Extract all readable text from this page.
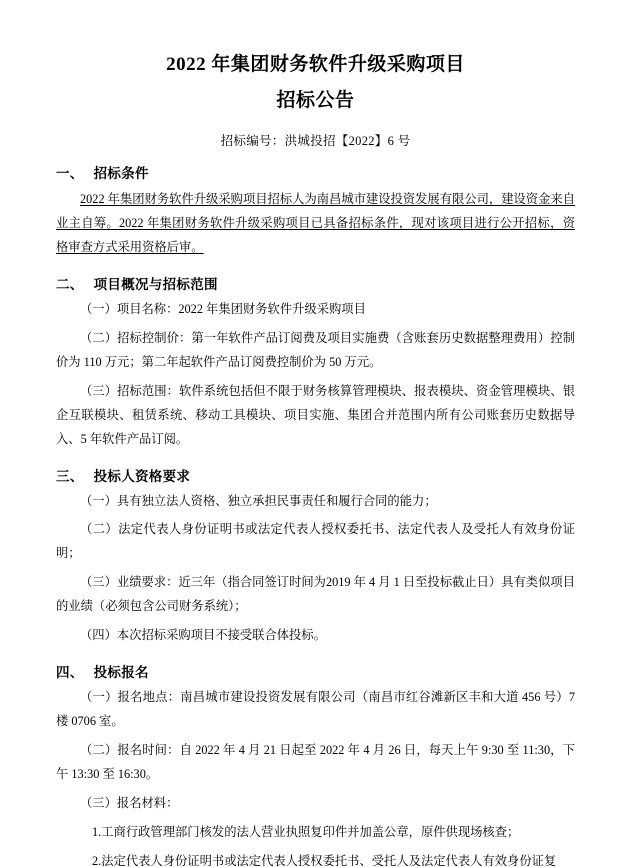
2022 年集团财务软件升级采购项目
招标公告
招标编号：洪城投招【2022】6 号
一、 招标条件
2022 年集团财务软件升级采购项目招标人为南昌城市建设投资发展有限公司，建设资金来自业主自筹。2022 年集团财务软件升级采购项目已具备招标条件，现对该项目进行公开招标，资格审查方式采用资格后审。
二、 项目概况与招标范围
（一）项目名称：2022 年集团财务软件升级采购项目
（二）招标控制价：第一年软件产品订阅费及项目实施费（含账套历史数据整理费用）控制价为 110 万元；第二年起软件产品订阅费控制价为 50 万元。
（三）招标范围：软件系统包括但不限于财务核算管理模块、报表模块、资金管理模块、银企互联模块、租赁系统、移动工具模块、项目实施、集团合并范围内所有公司账套历史数据导入、5 年软件产品订阅。
三、 投标人资格要求
（一）具有独立法人资格、独立承担民事责任和履行合同的能力；
（二）法定代表人身份证明书或法定代表人授权委托书、法定代表人及受托人有效身份证明；
（三）业绩要求：近三年（指合同签订时间为2019 年 4 月 1 日至投标截止日）具有类似项目的业绩（必须包含公司财务系统）；
（四）本次招标采购项目不接受联合体投标。
四、 投标报名
（一）报名地点：南昌城市建设投资发展有限公司（南昌市红谷滩新区丰和大道 456 号）7 楼 0706 室。
（二）报名时间：自 2022 年 4 月 21 日起至 2022 年 4 月 26 日，每天上午 9:30 至 11:30，下午 13:30 至 16:30。
（三）报名材料：
1.工商行政管理部门核发的法人营业执照复印件并加盖公章，原件供现场核查；
2.法定代表人身份证明书或法定代表人授权委托书、受托人及法定代表人有效身份证复
